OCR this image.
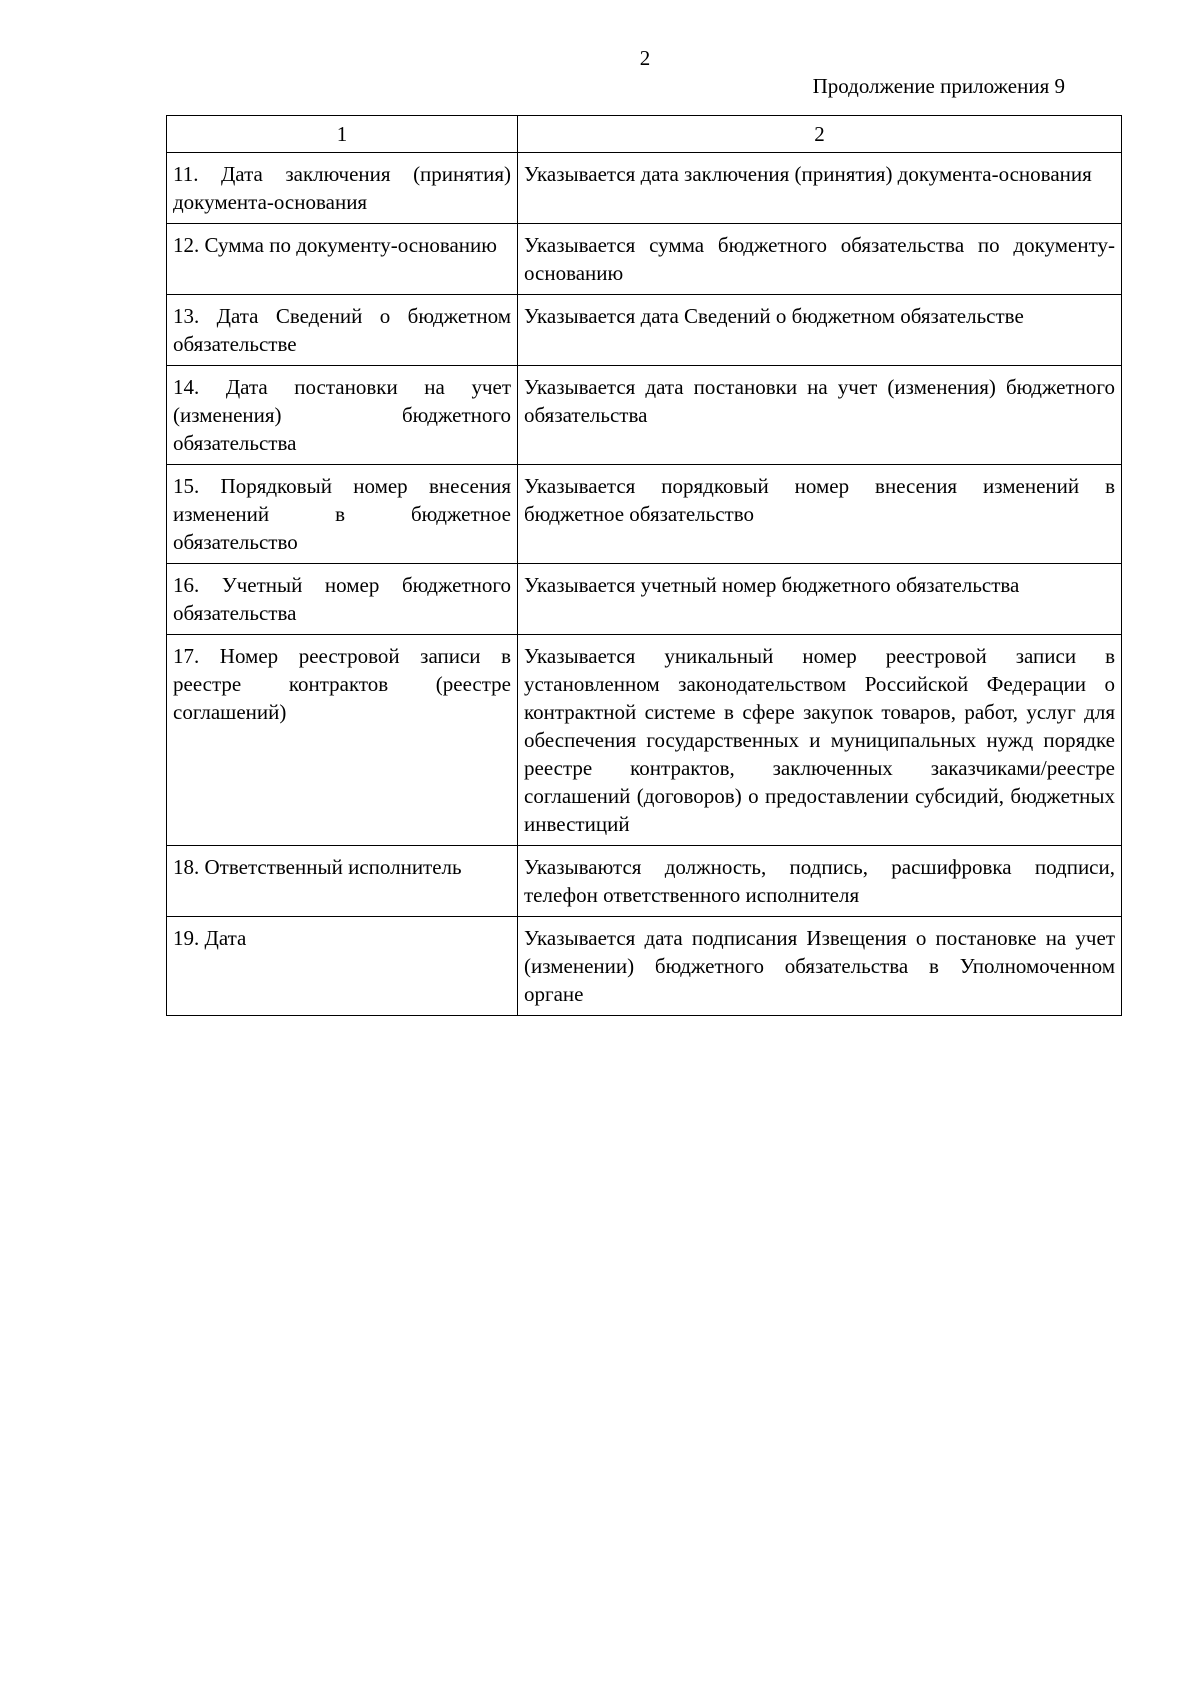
2
Продолжение приложения 9
1	2
11. Дата заключения (принятия) документа-основания	Указывается дата заключения (принятия) документа-основания
12. Сумма по документу-основанию	Указывается сумма бюджетного обязательства по документу-основанию
13. Дата Сведений о бюджетном обязательстве	Указывается дата Сведений о бюджетном обязательстве
14. Дата постановки на учет (изменения) бюджетного обязательства	Указывается дата постановки на учет (изменения) бюджетного обязательства
15. Порядковый номер внесения изменений в бюджетное обязательство	Указывается порядковый номер внесения изменений в бюджетное обязательство
16. Учетный номер бюджетного обязательства	Указывается учетный номер бюджетного обязательства
17. Номер реестровой записи в реестре контрактов (реестре соглашений)	Указывается уникальный номер реестровой записи в установленном законодательством Российской Федерации о контрактной системе в сфере закупок товаров, работ, услуг для обеспечения государственных и муниципальных нужд порядке реестре контрактов, заключенных заказчиками/реестре соглашений (договоров) о предоставлении субсидий, бюджетных инвестиций
18. Ответственный исполнитель	Указываются должность, подпись, расшифровка подписи, телефон ответственного исполнителя
19. Дата	Указывается дата подписания Извещения о постановке на учет (изменении) бюджетного обязательства в Уполномоченном органе
